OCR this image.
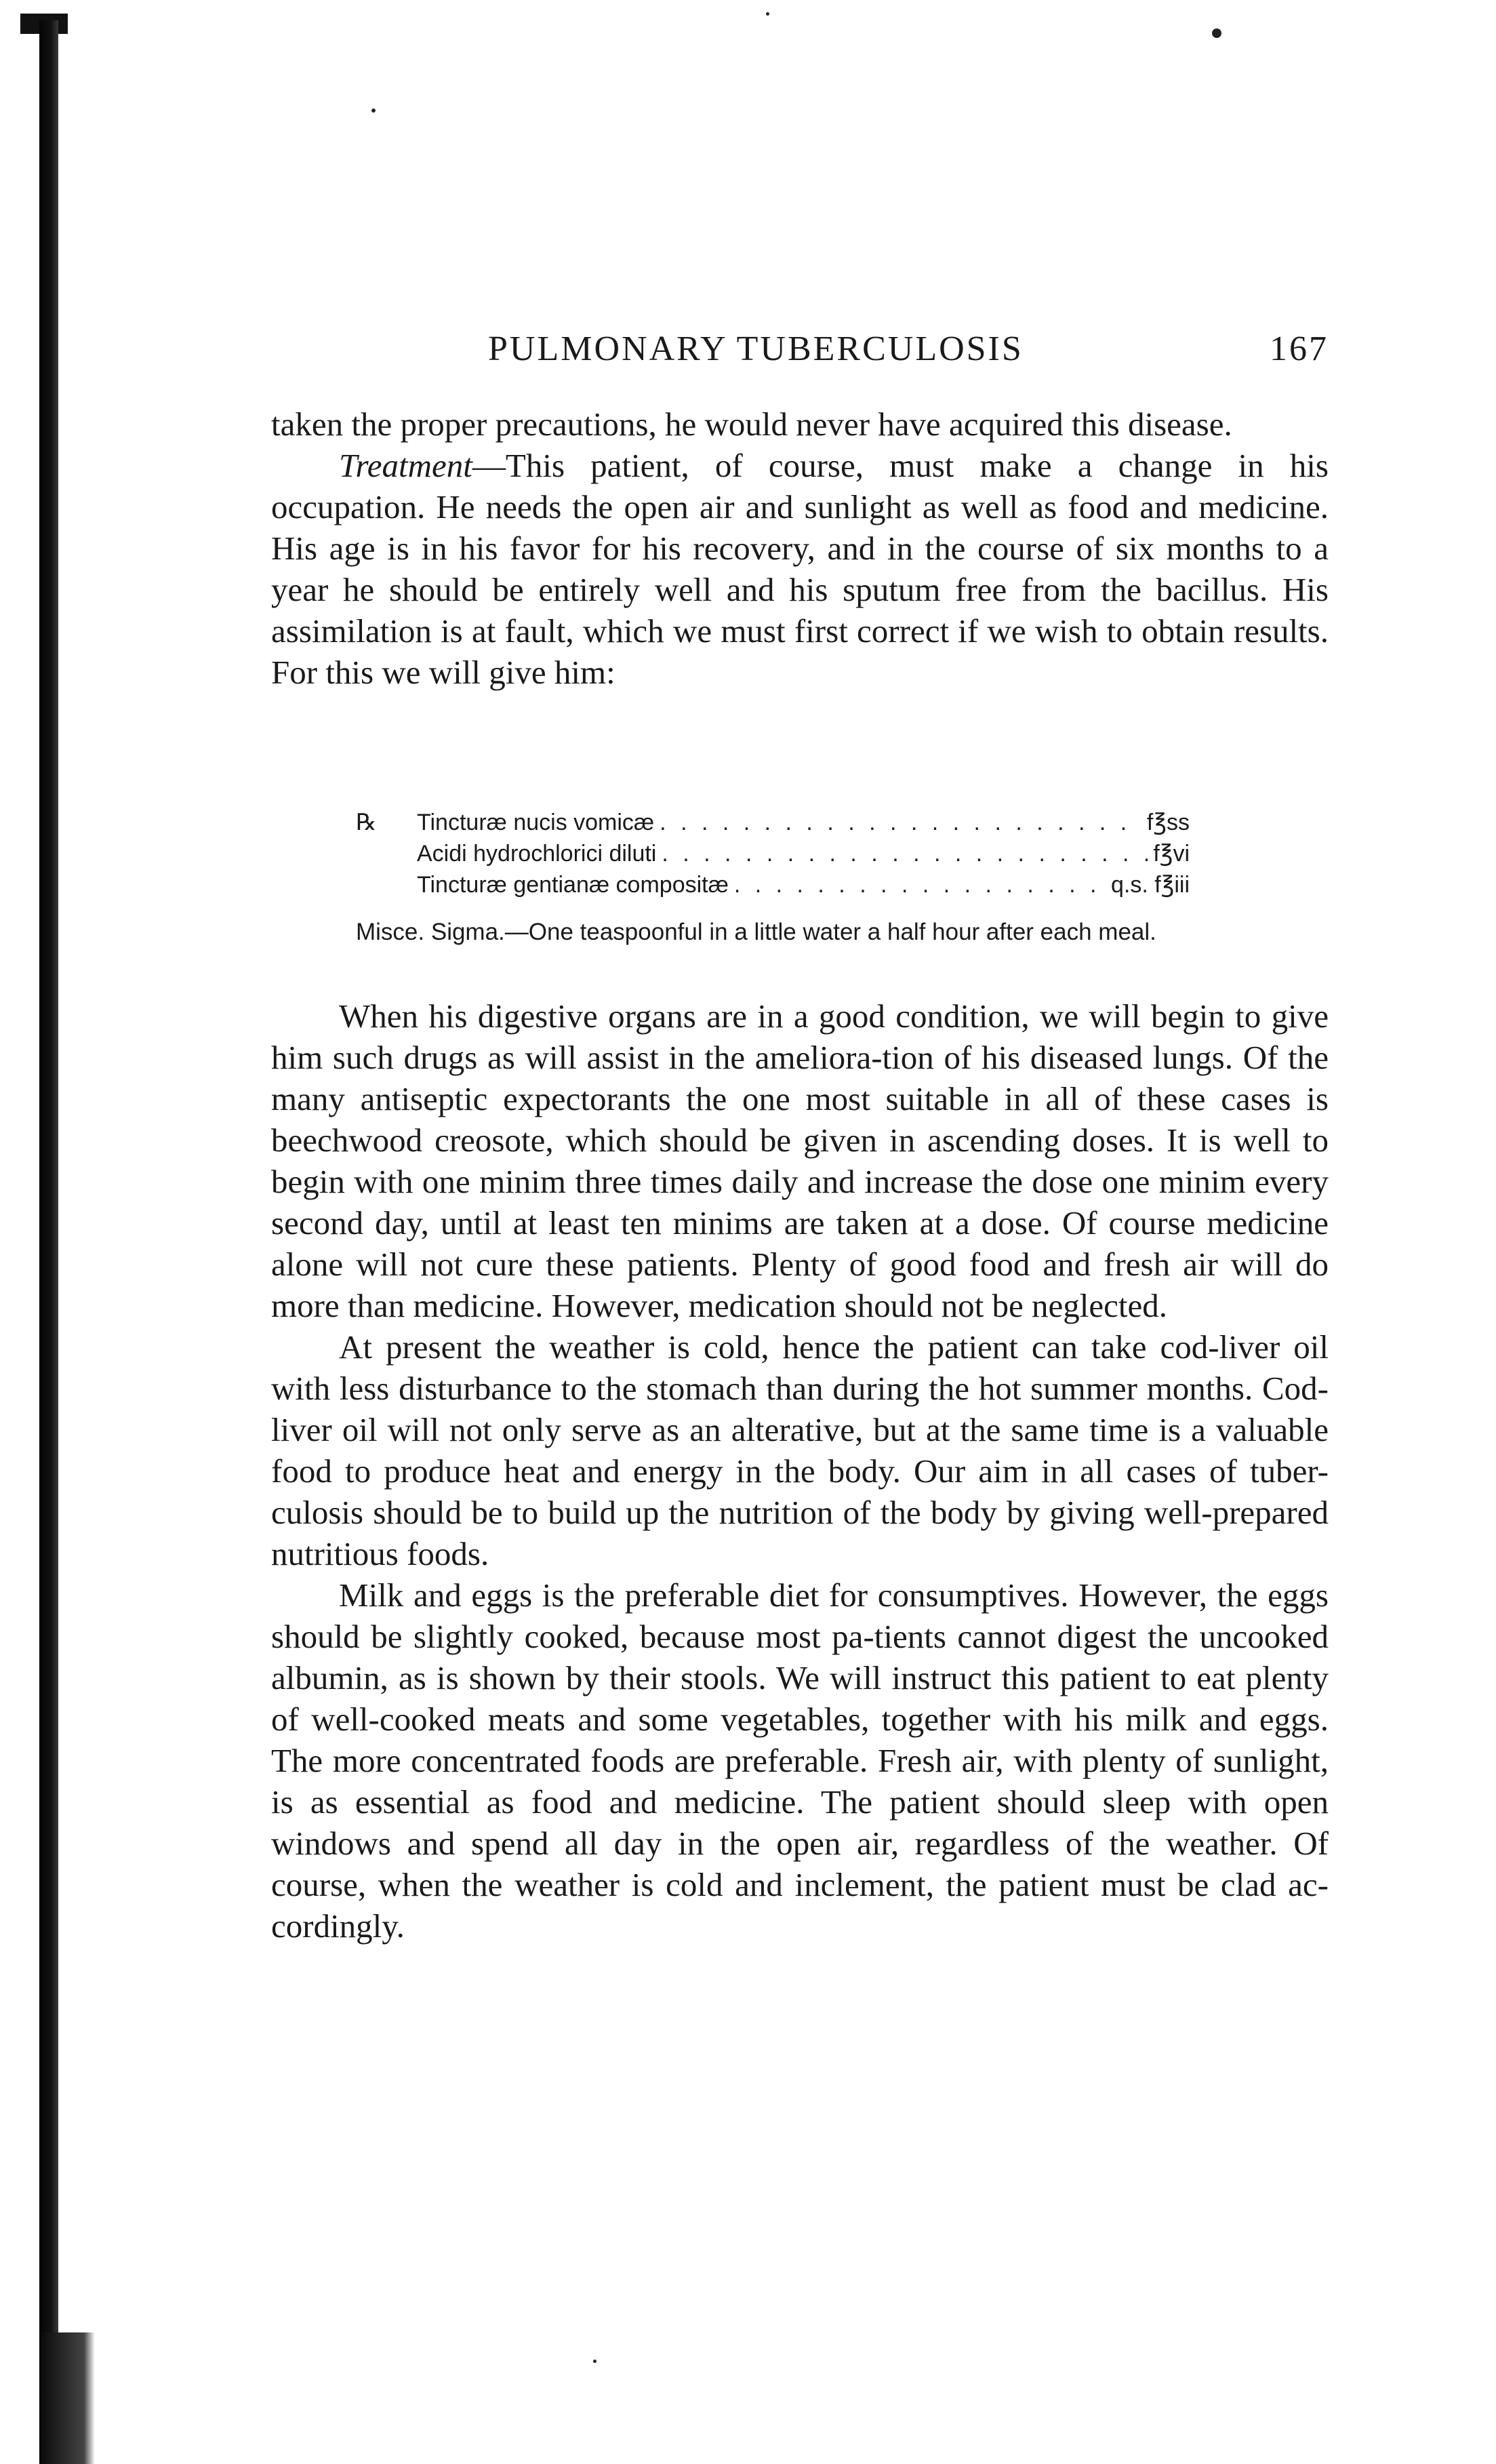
PULMONARY TUBERCULOSIS	167

taken the proper precautions, he would never have acquired this disease.

Treatment—This patient, of course, must make a change in his occupation. He needs the open air and sunlight as well as food and medicine. His age is in his favor for his recovery, and in the course of six months to a year he should be entirely well and his sputum free from the bacillus. His assimilation is at fault, which we must first correct if we wish to obtain results. For this we will give him:

℞ Tincturæ nucis vomicæ . . .	f℥ss
Acidi hydrochlorici diluti . . .	f℥vi
Tincturæ gentianæ compositæ . . .	q.s. f℥iii
Misce. Sigma.—One teaspoonful in a little water a half hour after each meal.

When his digestive organs are in a good condition, we will begin to give him such drugs as will assist in the ameliora-tion of his diseased lungs. Of the many antiseptic expectorants the one most suitable in all of these cases is beechwood creosote, which should be given in ascending doses. It is well to begin with one minim three times daily and increase the dose one minim every second day, until at least ten minims are taken at a dose. Of course medicine alone will not cure these patients. Plenty of good food and fresh air will do more than medicine. However, medication should not be neglected.

At present the weather is cold, hence the patient can take cod-liver oil with less disturbance to the stomach than during the hot summer months. Cod-liver oil will not only serve as an alterative, but at the same time is a valuable food to produce heat and energy in the body. Our aim in all cases of tuber-culosis should be to build up the nutrition of the body by giving well-prepared nutritious foods.

Milk and eggs is the preferable diet for consumptives. However, the eggs should be slightly cooked, because most pa-tients cannot digest the uncooked albumin, as is shown by their stools. We will instruct this patient to eat plenty of well-cooked meats and some vegetables, together with his milk and eggs. The more concentrated foods are preferable. Fresh air, with plenty of sunlight, is as essential as food and medicine. The patient should sleep with open windows and spend all day in the open air, regardless of the weather. Of course, when the weather is cold and inclement, the patient must be clad ac-cordingly.
